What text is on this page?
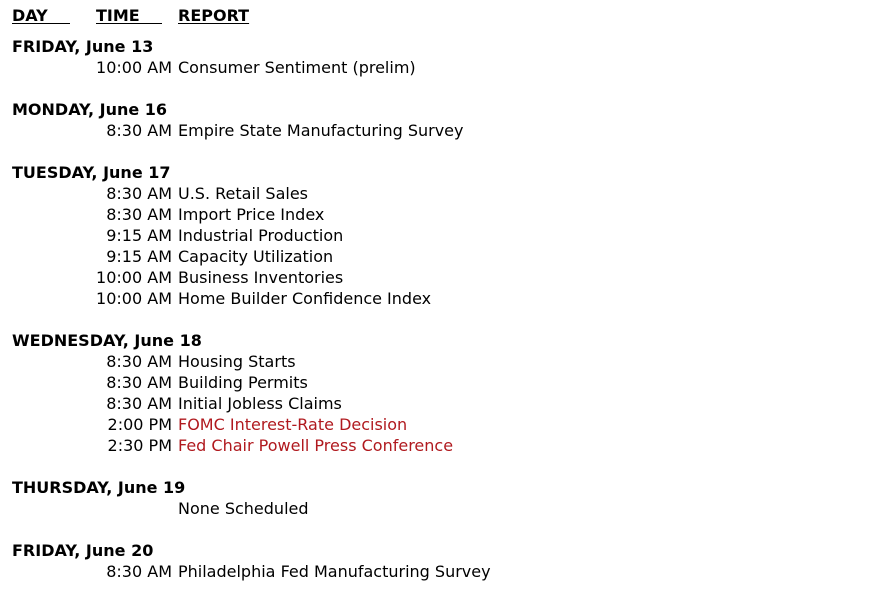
DAY TIME REPORT
FRIDAY, June 13
10:00 AM Consumer Sentiment (prelim)
MONDAY, June 16
8:30 AM Empire State Manufacturing Survey
TUESDAY, June 17
8:30 AM U.S. Retail Sales
8:30 AM Import Price Index
9:15 AM Industrial Production
9:15 AM Capacity Utilization
10:00 AM Business Inventories
10:00 AM Home Builder Confidence Index
WEDNESDAY, June 18
8:30 AM Housing Starts
8:30 AM Building Permits
8:30 AM Initial Jobless Claims
2:00 PM FOMC Interest-Rate Decision
2:30 PM Fed Chair Powell Press Conference
THURSDAY, June 19
None Scheduled
FRIDAY, June 20
8:30 AM Philadelphia Fed Manufacturing Survey
